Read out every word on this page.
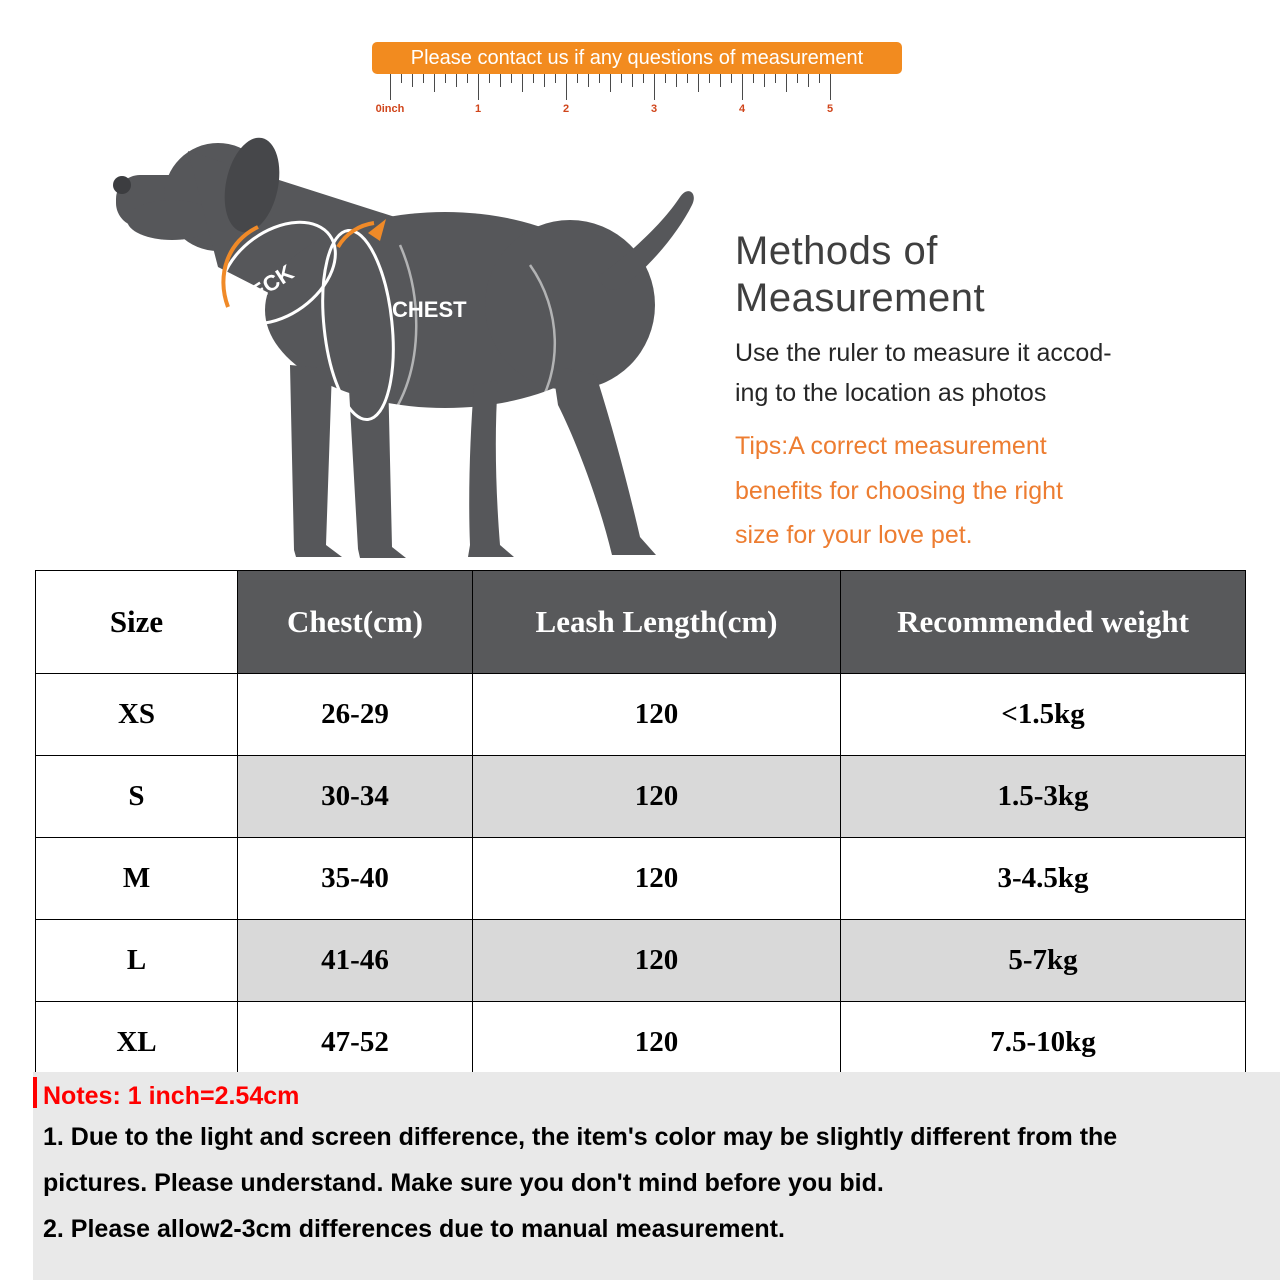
Please contact us if any questions of measurement
0inch	1	2	3	4	5
NECK	CHEST
Methods of
Measurement
Use the ruler to measure it accod-
ing to the location as photos
Tips:A correct measurement
benefits for choosing the right
size for your love pet.
Size	Chest(cm)	Leash Length(cm)	Recommended weight
XS	26-29	120	<1.5kg
S	30-34	120	1.5-3kg
M	35-40	120	3-4.5kg
L	41-46	120	5-7kg
XL	47-52	120	7.5-10kg
Notes: 1 inch=2.54cm
1. Due to the light and screen difference, the item's color may be slightly different from the
pictures. Please understand. Make sure you don't mind before you bid.
2. Please allow2-3cm differences due to manual measurement.
